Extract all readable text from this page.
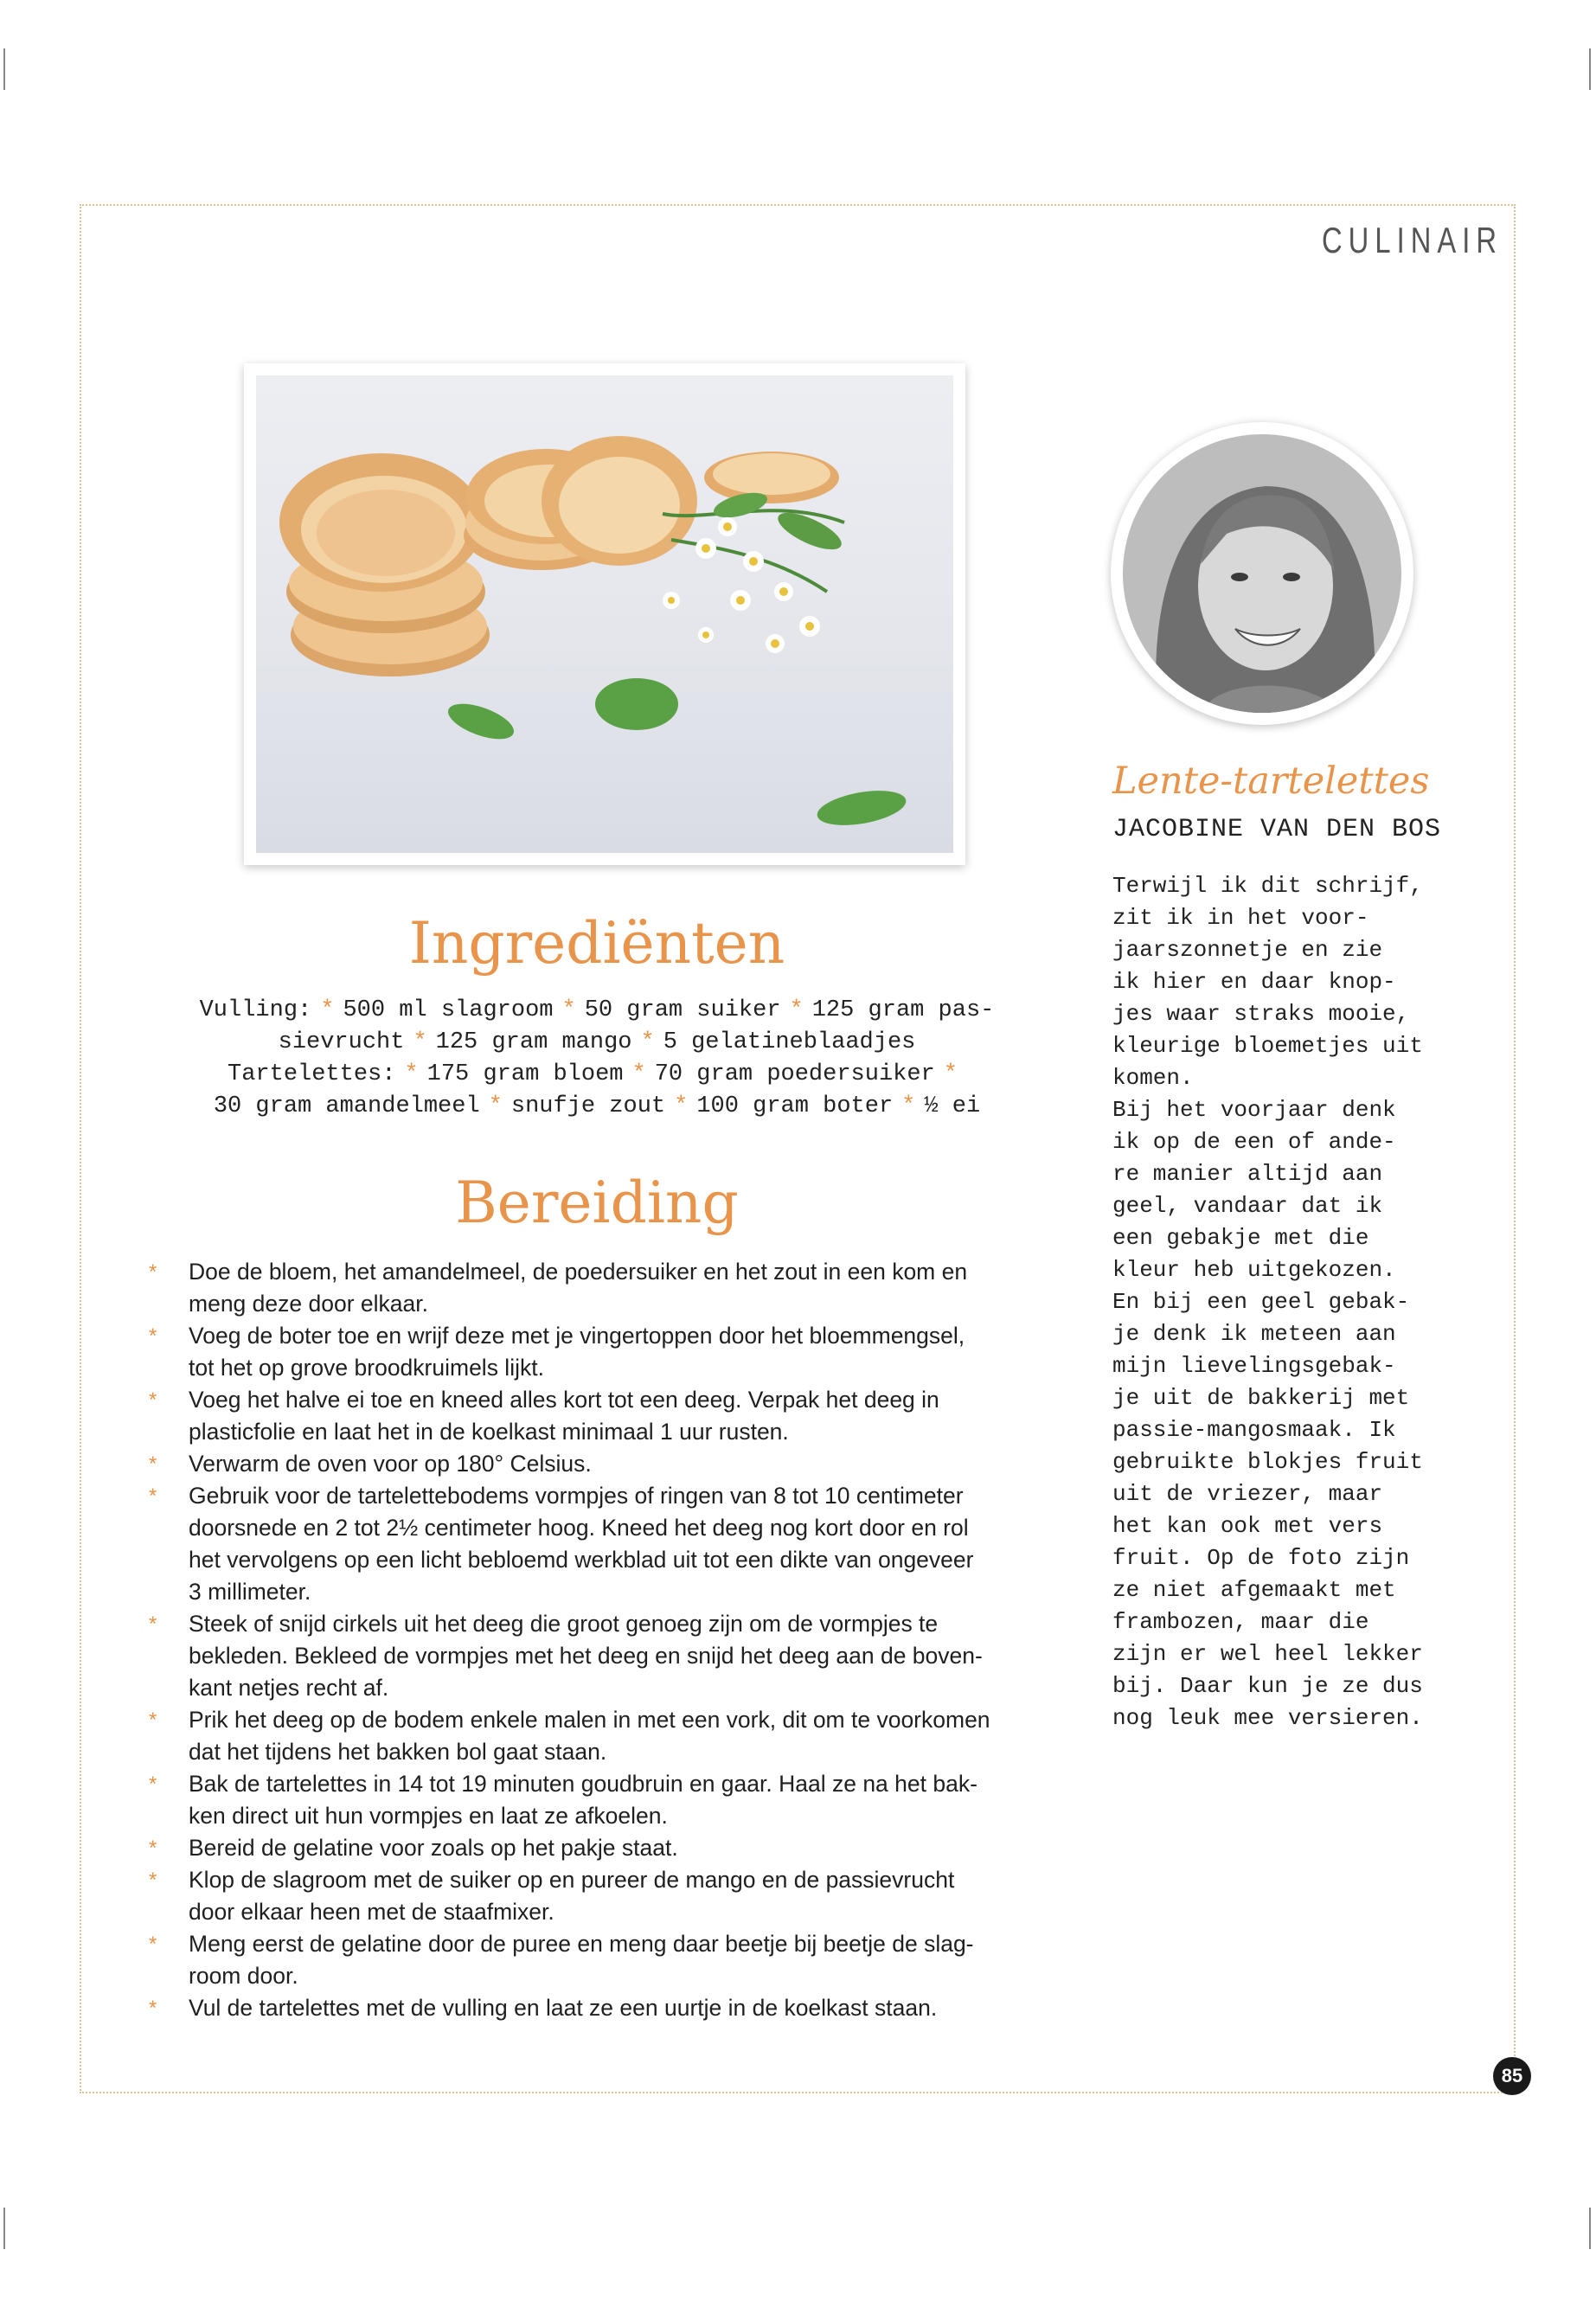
CULINAIR
Lente-tartelettes
JACOBINE VAN DEN BOS

Terwijl ik dit schrijf,

zit ik in het voor-

jaarszonnetje en zie

ik hier en daar knop-

jes waar straks mooie,

kleurige bloemetjes uit

komen.

Bij het voorjaar denk

ik op de een of ande-

re manier altijd aan

geel, vandaar dat ik

een gebakje met die

kleur heb uitgekozen.

En bij een geel gebak-

je denk ik meteen aan

mijn lievelingsgebak-

je uit de bakkerij met

passie-mangosmaak. Ik

gebruikte blokjes fruit

uit de vriezer, maar

het kan ook met vers

fruit. Op de foto zijn

ze niet afgemaakt met

frambozen, maar die

zijn er wel heel lekker

bij. Daar kun je ze dus

nog leuk mee versieren.

Ingrediënten
Vulling: * 500 ml slagroom * 50 gram suiker * 125 gram pas-
sievrucht * 125 gram mango * 5 gelatineblaadjes
Tartelettes: * 175 gram bloem * 70 gram poedersuiker *
30 gram amandelmeel * snufje zout * 100 gram boter * ½ ei
Bereiding
* Doe de bloem, het amandelmeel, de poedersuiker en het zout in een kom en
meng deze door elkaar.
* Voeg de boter toe en wrijf deze met je vingertoppen door het bloemmengsel,
tot het op grove broodkruimels lijkt.
* Voeg het halve ei toe en kneed alles kort tot een deeg. Verpak het deeg in
plasticfolie en laat het in de koelkast minimaal 1 uur rusten.
* Verwarm de oven voor op 180° Celsius.
* Gebruik voor de tartelettebodems vormpjes of ringen van 8 tot 10 centimeter
doorsnede en 2 tot 2½ centimeter hoog. Kneed het deeg nog kort door en rol
het vervolgens op een licht bebloemd werkblad uit tot een dikte van ongeveer
3 millimeter.
* Steek of snijd cirkels uit het deeg die groot genoeg zijn om de vormpjes te
bekleden. Bekleed de vormpjes met het deeg en snijd het deeg aan de boven-
kant netjes recht af.
* Prik het deeg op de bodem enkele malen in met een vork, dit om te voorkomen
dat het tijdens het bakken bol gaat staan.
* Bak de tartelettes in 14 tot 19 minuten goudbruin en gaar. Haal ze na het bak-
ken direct uit hun vormpjes en laat ze afkoelen.
* Bereid de gelatine voor zoals op het pakje staat.
* Klop de slagroom met de suiker op en pureer de mango en de passievrucht
door elkaar heen met de staafmixer.
* Meng eerst de gelatine door de puree en meng daar beetje bij beetje de slag-
room door.
* Vul de tartelettes met de vulling en laat ze een uurtje in de koelkast staan.
85
